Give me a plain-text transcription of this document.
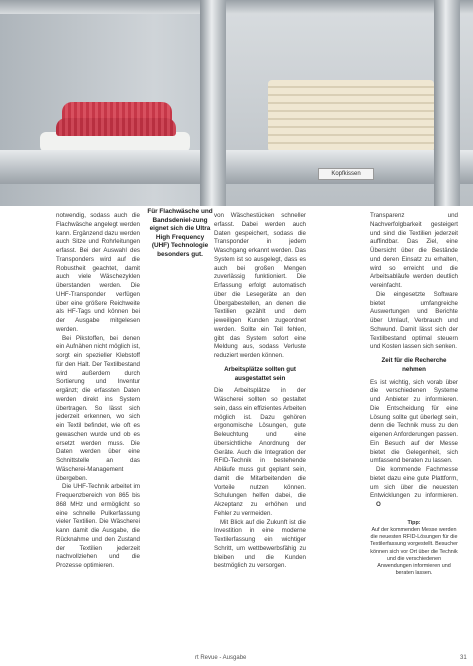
Kopfkissen
Für Flachwäsche und Bandsdeniel-zung eignet sich die Ultra High Frequency (UHF) Technologie besonders gut.

notwendig, sodass auch die Flachwäsche angelegt werden kann. Ergänzend dazu werden auch Sitze und Rohrleitungen erfasst. Bei der Auswahl des Transponders wird auf die Robustheit geachtet, damit auch viele Wäschezyklen überstanden werden. Die UHF-Transponder verfügen über eine größere Reichweite als HF-Tags und können bei der Ausgabe mitgelesen werden.

Bei Pikstoffen, bei denen ein Aufnähen nicht möglich ist, sorgt ein spezieller Klebstoff für den Halt. Der Textilbestand wird außerdem durch Sortierung und Inventur ergänzt; die erfassten Daten werden direkt ins System übertragen. So lässt sich jederzeit erkennen, wo sich ein Textil befindet, wie oft es gewaschen wurde und ob es ersetzt werden muss. Die Daten werden über eine Schnittstelle an das Wäscherei-Management übergeben.

Die UHF-Technik arbeitet im Frequenzbereich von 865 bis 868 MHz und ermöglicht so eine schnelle Pulkerfassung vieler Textilien. Die Wäscherei kann damit die Ausgabe, die Rücknahme und den Zustand der Textilien jederzeit nachvollziehen und die Prozesse optimieren.

von Wäschestücken schneller erfasst. Dabei werden auch Daten gespeichert, sodass die Transponder in jedem Waschgang erkannt werden. Das System ist so ausgelegt, dass es auch bei großen Mengen zuverlässig funktioniert. Die Erfassung erfolgt automatisch über die Lesegeräte an den Übergabestellen, an denen die Textilien gezählt und dem jeweiligen Kunden zugeordnet werden. Sollte ein Teil fehlen, gibt das System sofort eine Meldung aus, sodass Verluste reduziert werden können.

Arbeitsplätze sollten gut ausgestattet sein

Die Arbeitsplätze in der Wäscherei sollten so gestaltet sein, dass ein effizientes Arbeiten möglich ist. Dazu gehören ergonomische Lösungen, gute Beleuchtung und eine übersichtliche Anordnung der Geräte. Auch die Integration der RFID-Technik in bestehende Abläufe muss gut geplant sein, damit die Mitarbeitenden die Vorteile nutzen können. Schulungen helfen dabei, die Akzeptanz zu erhöhen und Fehler zu vermeiden.

Mit Blick auf die Zukunft ist die Investition in eine moderne Textilerfassung ein wichtiger Schritt, um wettbewerbsfähig zu bleiben und die Kunden bestmöglich zu versorgen.

Transparenz und Nachverfolgbarkeit gesteigert und sind die Textilien jederzeit auffindbar. Das Ziel, eine Übersicht über die Bestände und deren Einsatz zu erhalten, wird so erreicht und die Arbeitsabläufe werden deutlich vereinfacht.

Die eingesetzte Software bietet umfangreiche Auswertungen und Berichte über Umlauf, Verbrauch und Schwund. Damit lässt sich der Textilbestand optimal steuern und Kosten lassen sich senken.

Zeit für die Recherche nehmen

Es ist wichtig, sich vorab über die verschiedenen Systeme und Anbieter zu informieren. Die Entscheidung für eine Lösung sollte gut überlegt sein, denn die Technik muss zu den eigenen Anforderungen passen. Ein Besuch auf der Messe bietet die Gelegenheit, sich umfassend beraten zu lassen.

Die kommende Fachmesse bietet dazu eine gute Plattform, um sich über die neuesten Entwicklungen zu informieren. O

Tipp:
Auf der kommenden Messe werden die neuesten RFID-Lösungen für die Textilerfassung vorgestellt. Besucher können sich vor Ort über die Technik und die verschiedenen Anwendungen informieren und beraten lassen.
rt Revue - Ausgabe	31
